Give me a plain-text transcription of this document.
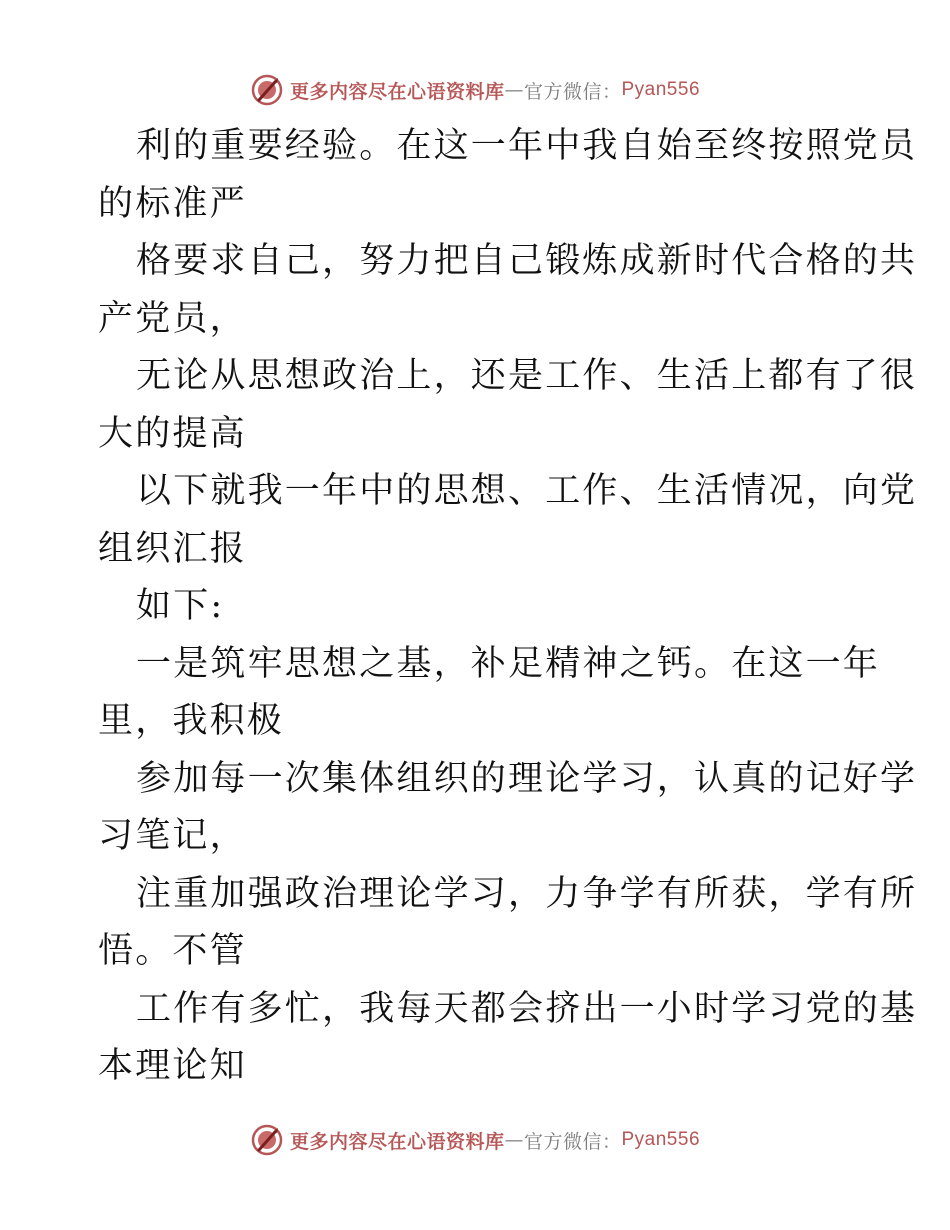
更多内容尽在心语资料库 — 官方微信： Pyan556
利的重要经验。在这一年中我自始至终按照党员
的标准严
格要求自己，努力把自己锻炼成新时代合格的共
产党员，
无论从思想政治上，还是工作、生活上都有了很
大的提高
以下就我一年中的思想、工作、生活情况，向党
组织汇报
如下:
一是筑牢思想之基，补足精神之钙。在这一年
里，我积极
参加每一次集体组织的理论学习，认真的记好学
习笔记，
注重加强政治理论学习，力争学有所获，学有所
悟。不管
工作有多忙，我每天都会挤出一小时学习党的基
本理论知
更多内容尽在心语资料库 — 官方微信： Pyan556
